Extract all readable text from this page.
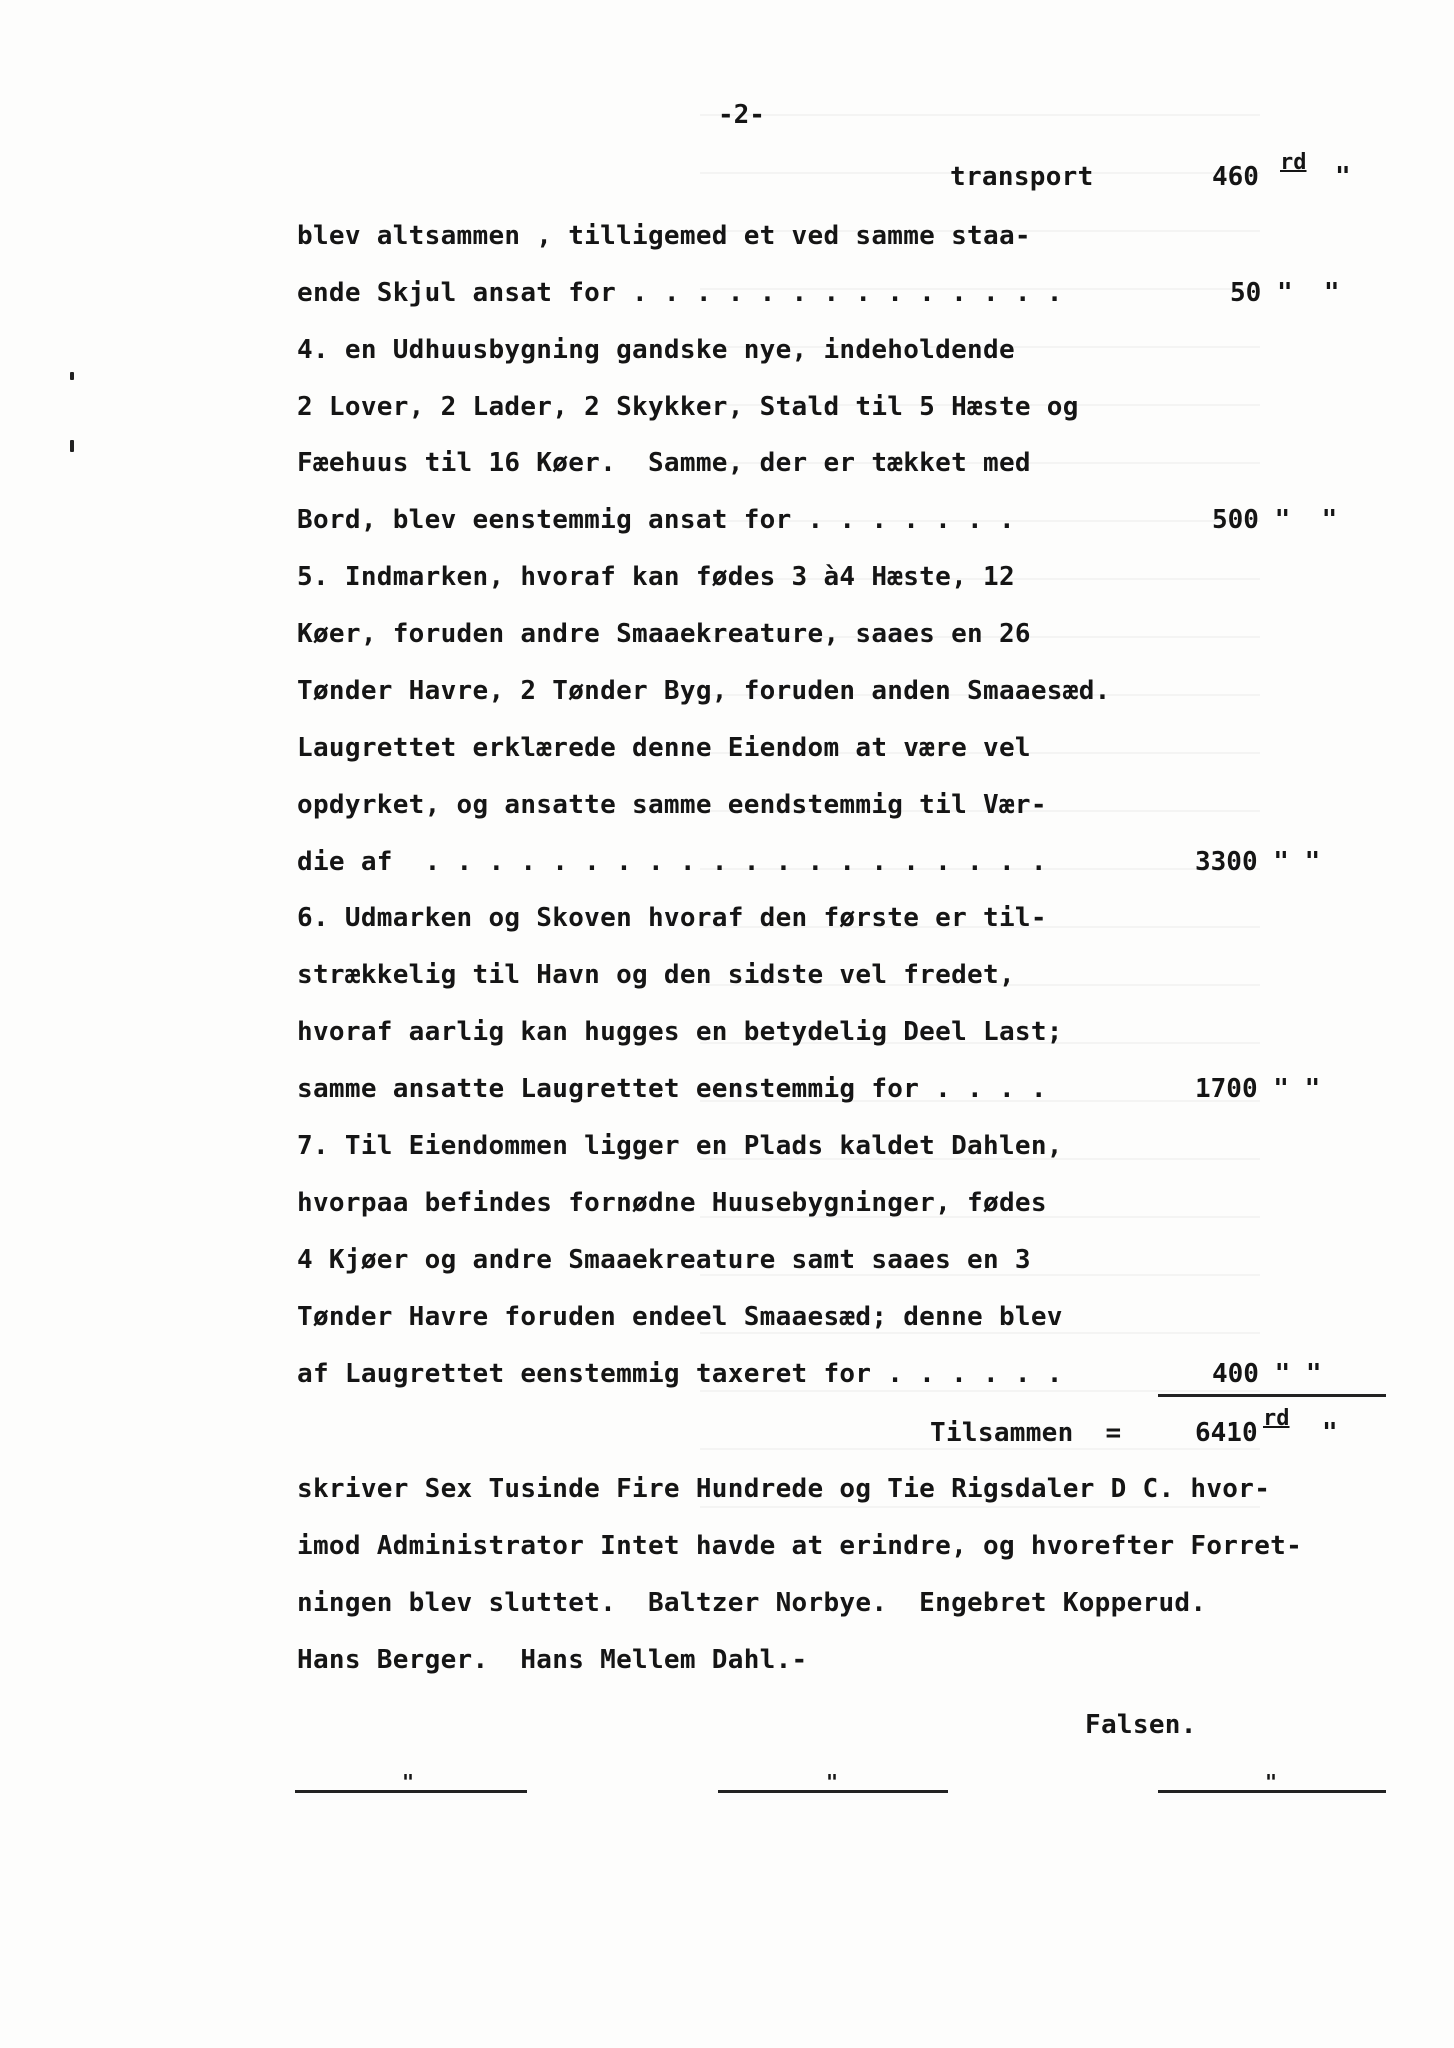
-2-
transport	460 rd "
blev altsammen , tilligemed et ved samme staa-
ende Skjul ansat for . . . . . . . . . . . . . .	50 "  "
4. en Udhuusbygning gandske nye, indeholdende
2 Lover, 2 Lader, 2 Skykker, Stald til 5 Hæste og
Fæehuus til 16 Køer.  Samme, der er tækket med
Bord, blev eenstemmig ansat for . . . . . . .	500 "  "
5. Indmarken, hvoraf kan fødes 3 à4 Hæste, 12
Køer, foruden andre Smaaekreature, saaes en 26
Tønder Havre, 2 Tønder Byg, foruden anden Smaaesæd.
Laugrettet erklærede denne Eiendom at være vel
opdyrket, og ansatte samme eendstemmig til Vær-
die af  . . . . . . . . . . . . . . . . . . . .	3300 " "
6. Udmarken og Skoven hvoraf den første er til-
strækkelig til Havn og den sidste vel fredet,
hvoraf aarlig kan hugges en betydelig Deel Last;
samme ansatte Laugrettet eenstemmig for . . . .	1700 " "
7. Til Eiendommen ligger en Plads kaldet Dahlen,
hvorpaa befindes fornødne Huusebygninger, fødes
4 Kjøer og andre Smaaekreature samt saaes en 3
Tønder Havre foruden endeel Smaaesæd; denne blev
af Laugrettet eenstemmig taxeret for . . . . . .	400 " "
Tilsammen  =	6410 rd "
skriver Sex Tusinde Fire Hundrede og Tie Rigsdaler D C. hvor-
imod Administrator Intet havde at erindre, og hvorefter Forret-
ningen blev sluttet.  Baltzer Norbye.  Engebret Kopperud.
Hans Berger.  Hans Mellem Dahl.-
Falsen.
"	"	"
